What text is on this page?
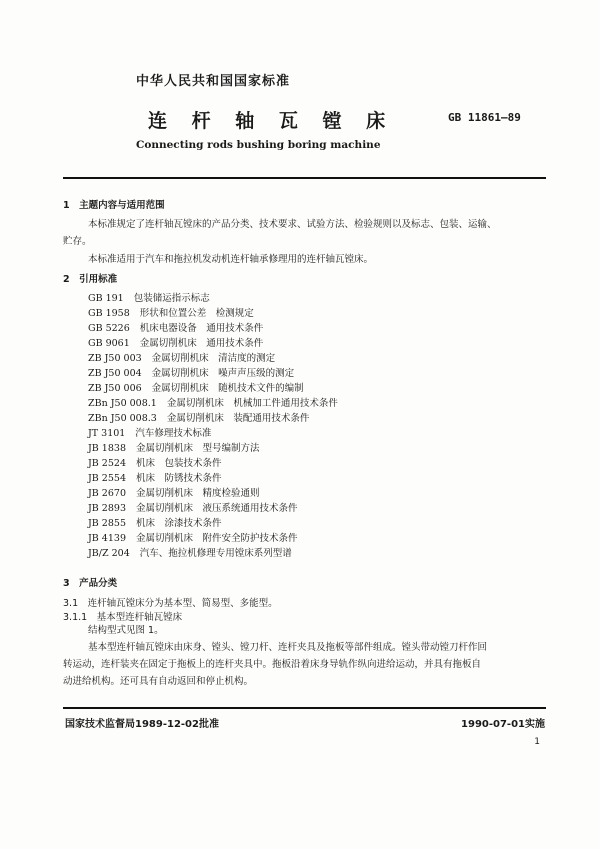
中华人民共和国国家标准
连 杆 轴 瓦 镗 床	GB 11861—89
Connecting rods bushing boring machine
1　主题内容与适用范围
本标准规定了连杆轴瓦镗床的产品分类、技术要求、试验方法、检验规则以及标志、包装、运输、
贮存。
本标准适用于汽车和拖拉机发动机连杆轴承修理用的连杆轴瓦镗床。
2　引用标准
GB 191 包装储运指示标志
GB 1958 形状和位置公差　检测规定
GB 5226 机床电器设备　通用技术条件
GB 9061 金属切削机床　通用技术条件
ZB J50 003 金属切削机床　清洁度的测定
ZB J50 004 金属切削机床　噪声声压级的测定
ZB J50 006 金属切削机床　随机技术文件的编制
ZBn J50 008.1 金属切削机床　机械加工件通用技术条件
ZBn J50 008.3 金属切削机床　装配通用技术条件
JT 3101 汽车修理技术标准
JB 1838 金属切削机床　型号编制方法
JB 2524 机床　包装技术条件
JB 2554 机床　防锈技术条件
JB 2670 金属切削机床　精度检验通则
JB 2893 金属切削机床　液压系统通用技术条件
JB 2855 机床　涂漆技术条件
JB 4139 金属切削机床　附件安全防护技术条件
JB/Z 204 汽车、拖拉机修理专用镗床系列型谱
3　产品分类
3.1　连杆轴瓦镗床分为基本型、简易型、多能型。
3.1.1　基本型连杆轴瓦镗床
结构型式见图 1。
基本型连杆轴瓦镗床由床身、镗头、镗刀杆、连杆夹具及拖板等部件组成。镗头带动镗刀杆作回
转运动，连杆装夹在固定于拖板上的连杆夹具中。拖板沿着床身导轨作纵向进给运动，并具有拖板自
动进给机构。还可具有自动返回和停止机构。
国家技术监督局1989-12-02批准	1990-07-01实施
1
